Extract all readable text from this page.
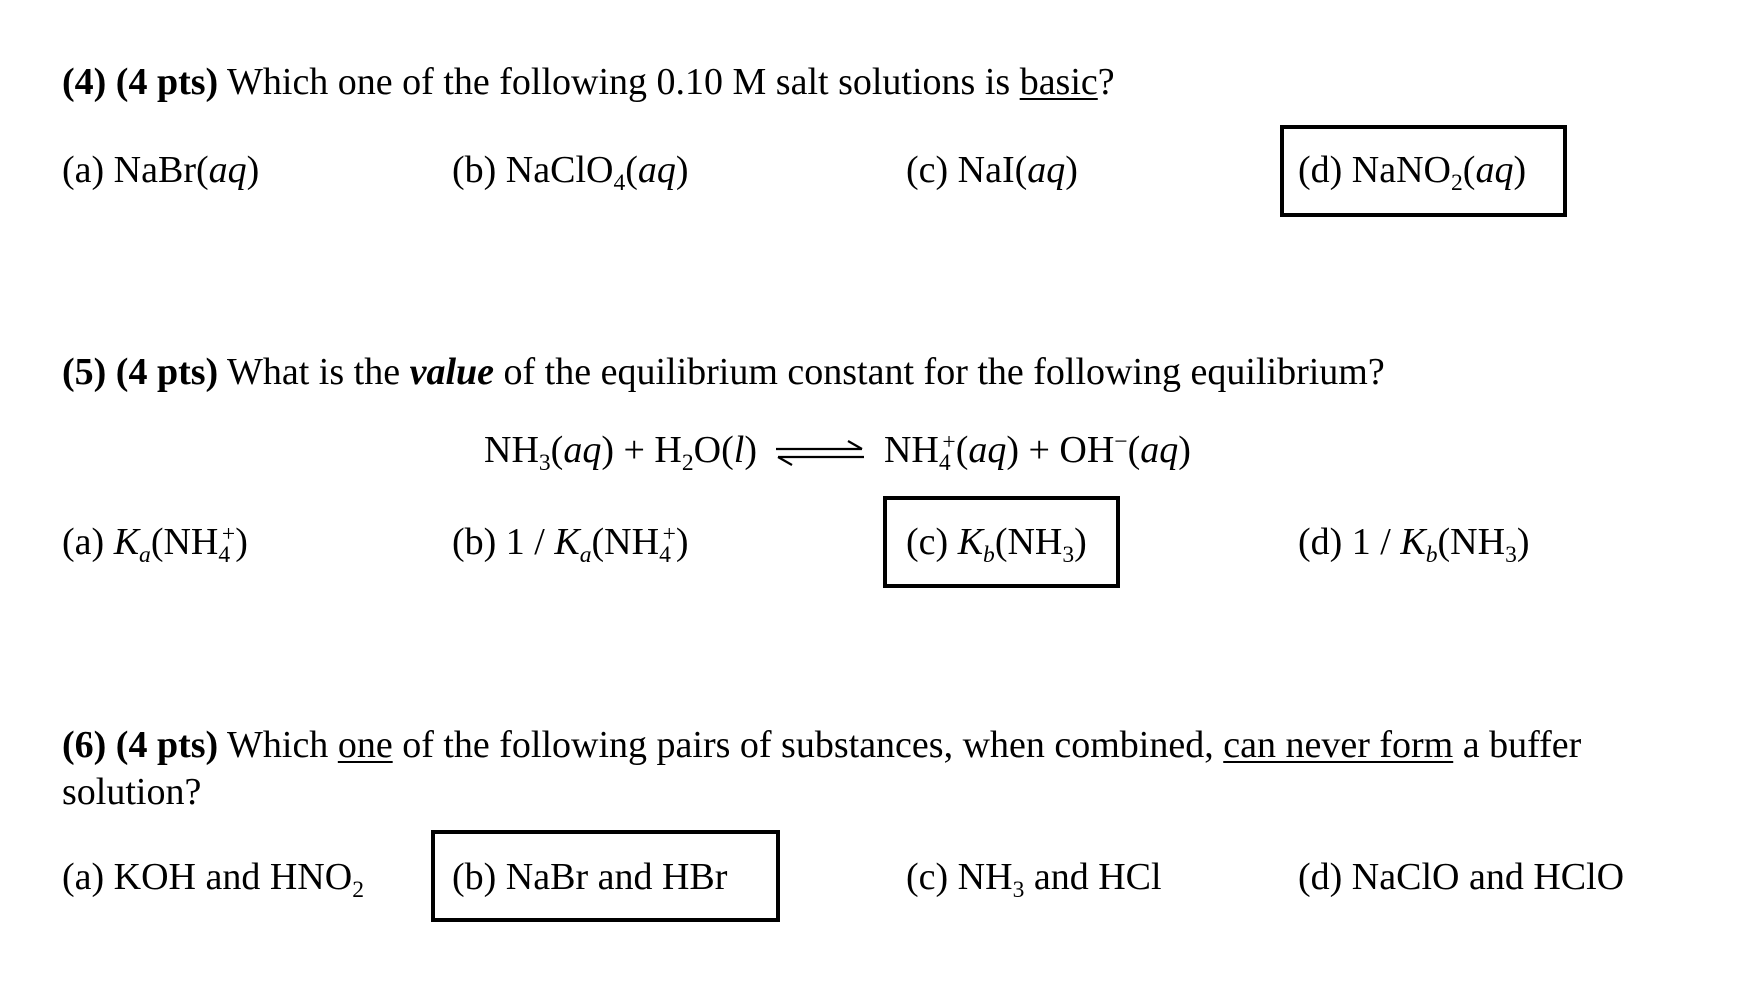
(4) (4 pts) Which one of the following 0.10 M salt solutions is basic?
(a) NaBr(aq)	(b) NaClO$_4$(aq)	(c) NaI(aq)	(d) NaNO$_2$(aq)
(5) (4 pts) What is the value of the equilibrium constant for the following equilibrium?
$NH_3(aq) + H_2O(l)$ ⇌ $NH_4^+(aq) + OH^-(aq)$
(a) $K_a(NH_4^+)$	(b) $1 / K_a(NH_4^+)$	(c) $K_b(NH_3)$	(d) $1 / K_b(NH_3)$
(6) (4 pts) Which one of the following pairs of substances, when combined, can never form a buffer
solution?
(a) KOH and $HNO_2$ (b) NaBr and HBr	(c) $NH_3$ and HCl	(d) NaClO and HClO
